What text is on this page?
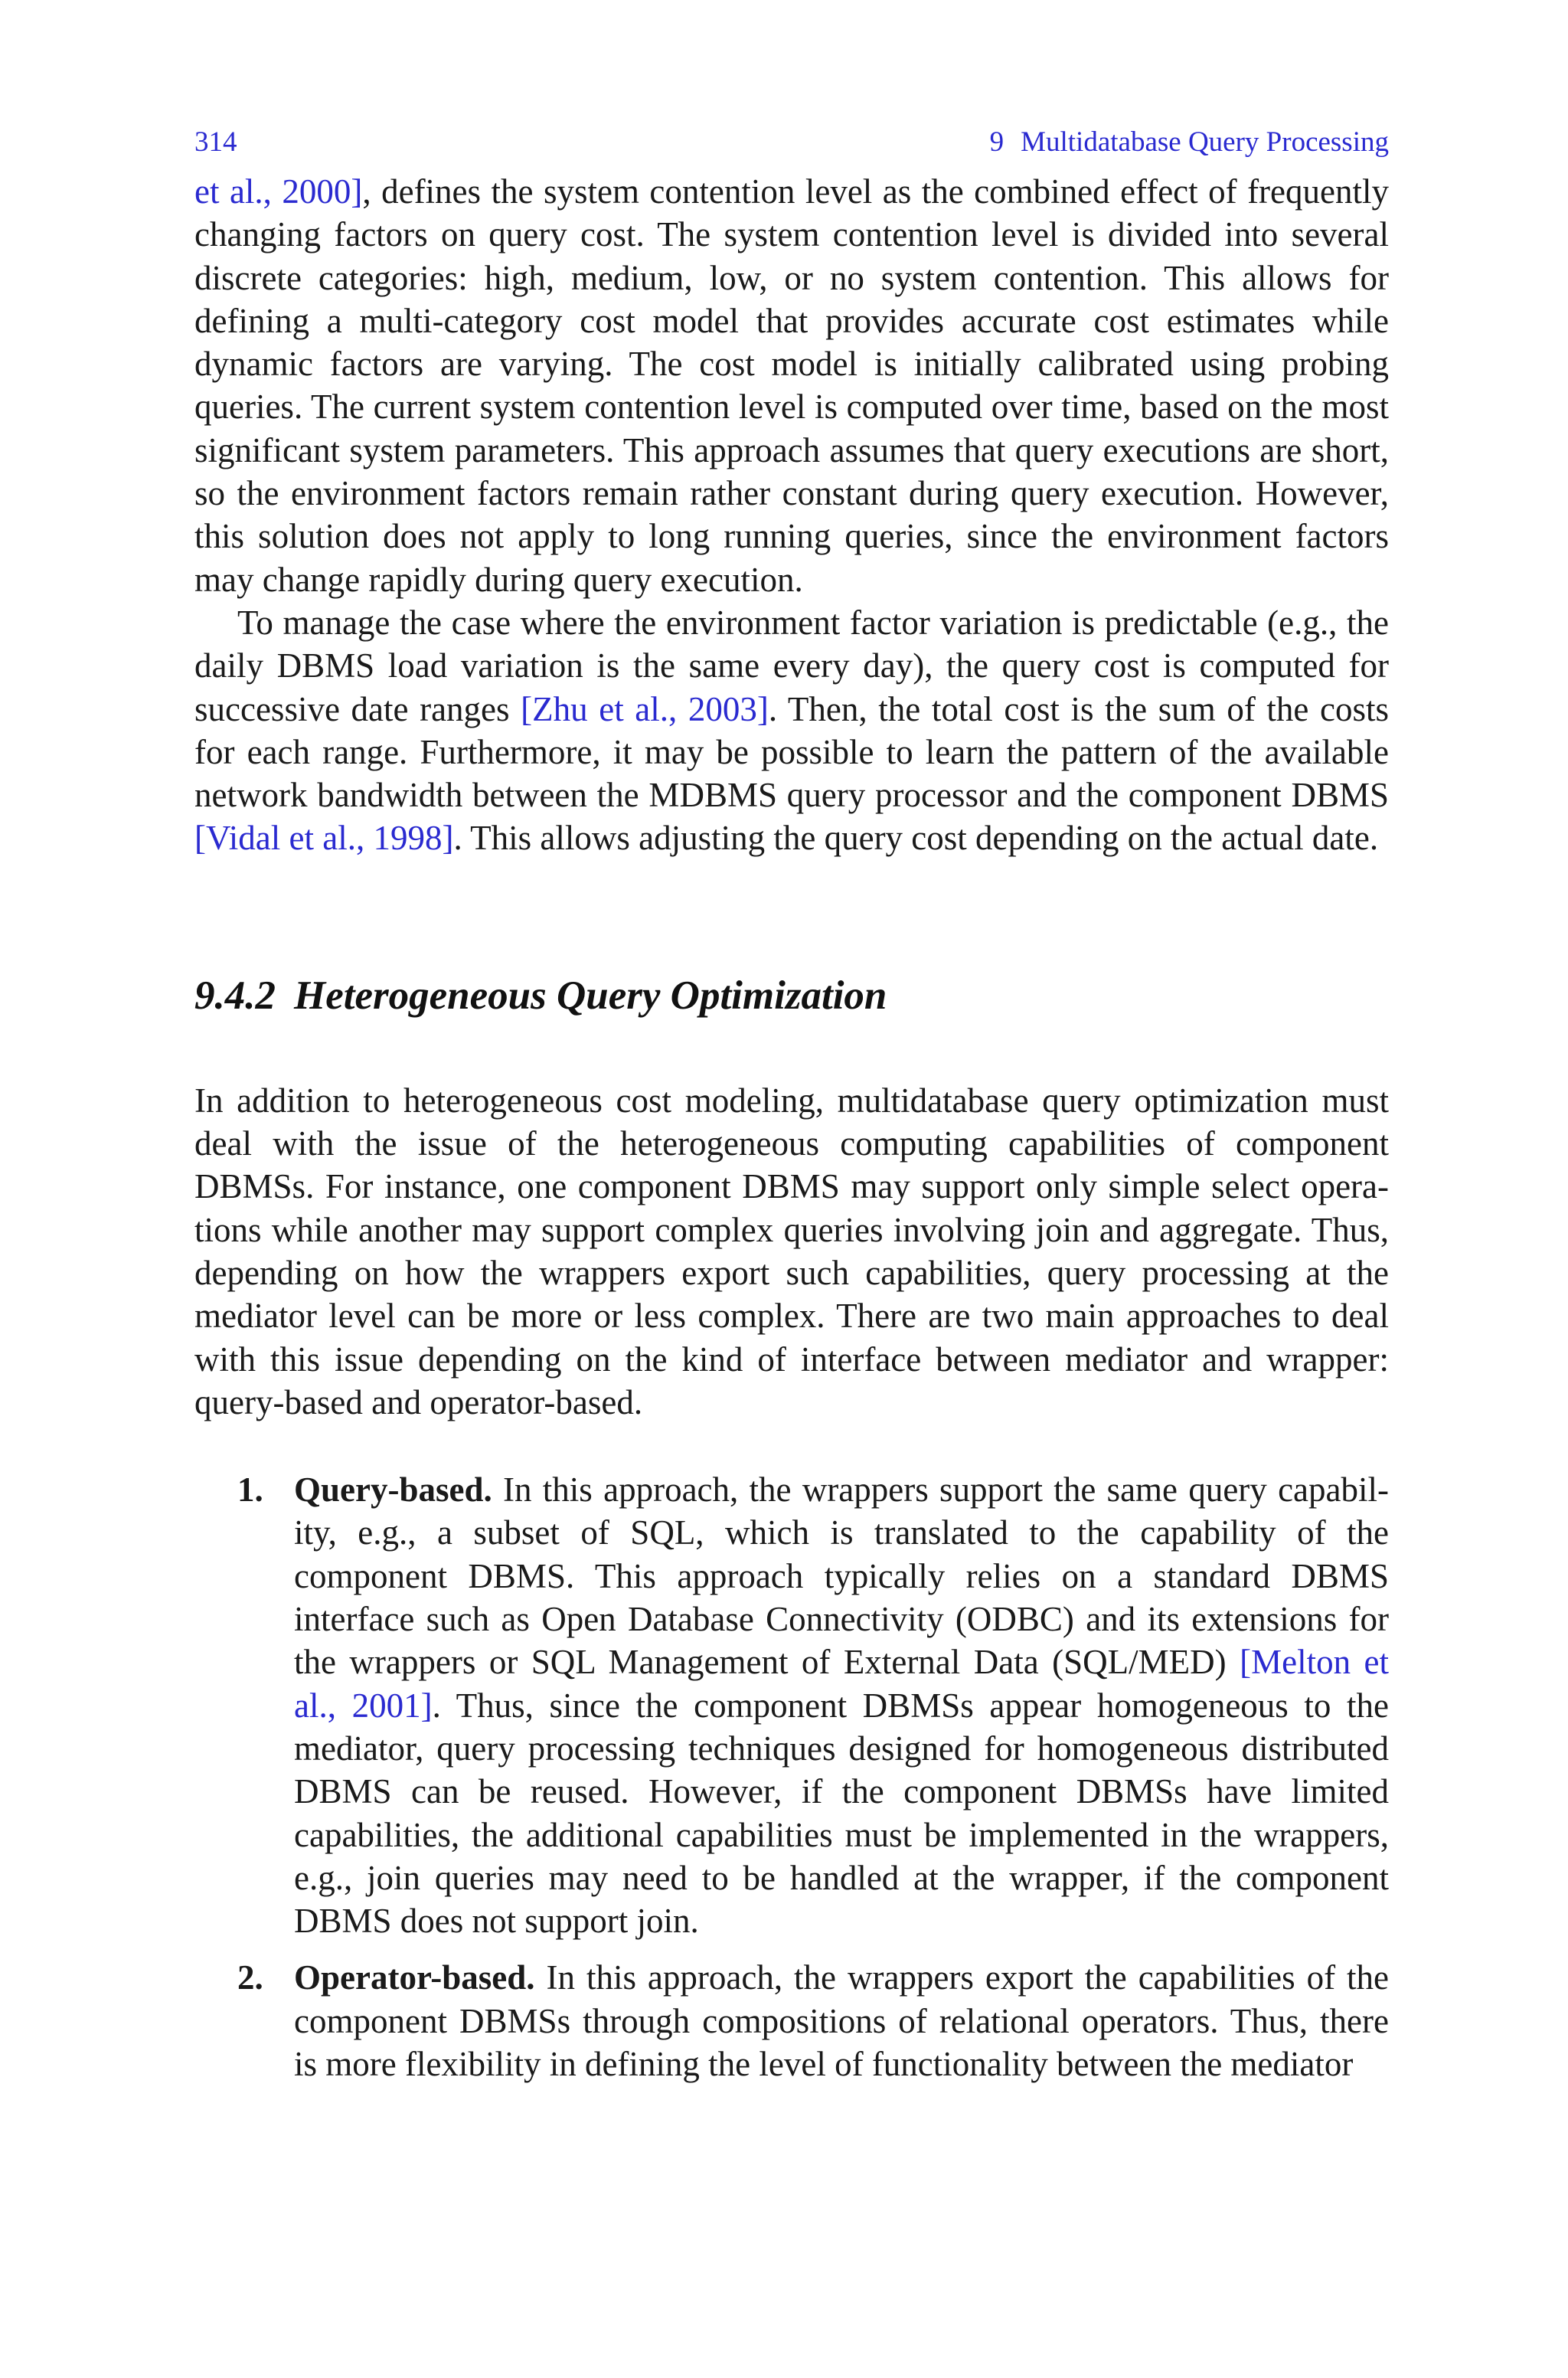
314	9 Multidatabase Query Processing

et al., 2000], defines the system contention level as the combined effect of frequently changing factors on query cost. The system contention level is divided into several discrete categories: high, medium, low, or no system contention. This allows for defining a multi-category cost model that provides accurate cost estimates while dynamic factors are varying. The cost model is initially calibrated using probing queries. The current system contention level is computed over time, based on the most significant system parameters. This approach assumes that query executions are short, so the environment factors remain rather constant during query execution. However, this solution does not apply to long running queries, since the environment factors may change rapidly during query execution.

To manage the case where the environment factor variation is predictable (e.g., the daily DBMS load variation is the same every day), the query cost is computed for successive date ranges [Zhu et al., 2003]. Then, the total cost is the sum of the costs for each range. Furthermore, it may be possible to learn the pattern of the available network bandwidth between the MDBMS query processor and the component DBMS [Vidal et al., 1998]. This allows adjusting the query cost depending on the actual date.

9.4.2 Heterogeneous Query Optimization

In addition to heterogeneous cost modeling, multidatabase query optimization must deal with the issue of the heterogeneous computing capabilities of component DBMSs. For instance, one component DBMS may support only simple select operations while another may support complex queries involving join and aggregate. Thus, depending on how the wrappers export such capabilities, query processing at the mediator level can be more or less complex. There are two main approaches to deal with this issue depending on the kind of interface between mediator and wrapper: query-based and operator-based.

1. Query-based. In this approach, the wrappers support the same query capability, e.g., a subset of SQL, which is translated to the capability of the component DBMS. This approach typically relies on a standard DBMS interface such as Open Database Connectivity (ODBC) and its extensions for the wrappers or SQL Management of External Data (SQL/MED) [Melton et al., 2001]. Thus, since the component DBMSs appear homogeneous to the mediator, query processing techniques designed for homogeneous distributed DBMS can be reused. However, if the component DBMSs have limited capabilities, the additional capabilities must be implemented in the wrappers, e.g., join queries may need to be handled at the wrapper, if the component DBMS does not support join.

2. Operator-based. In this approach, the wrappers export the capabilities of the component DBMSs through compositions of relational operators. Thus, there is more flexibility in defining the level of functionality between the mediator
